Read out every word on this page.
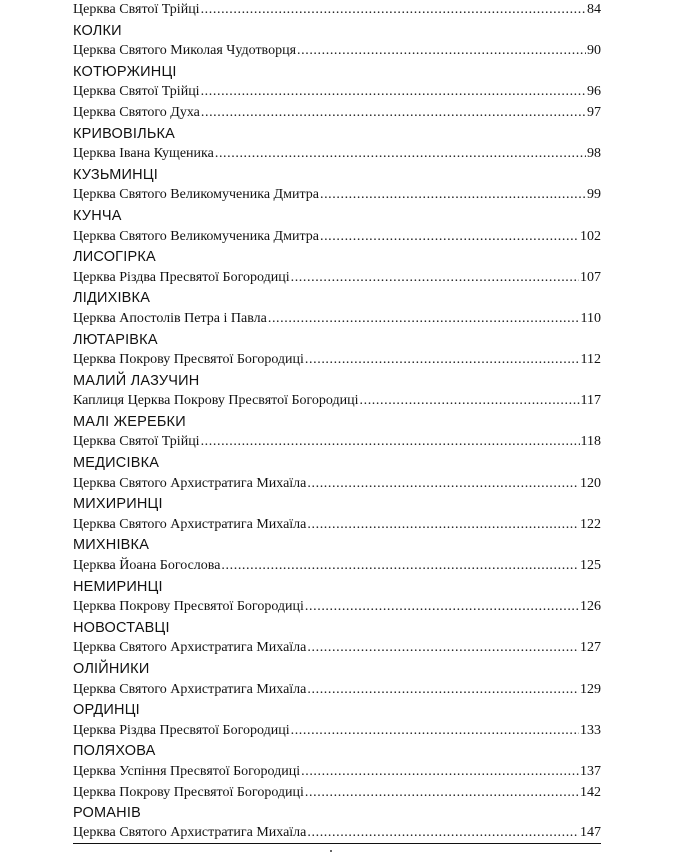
Церква Святої Трійці .....	84
КОЛКИ
Церква Святого Миколая Чудотворця .....	90
КОТЮРЖИНЦІ
Церква Святої Трійці .....	96
Церква Святого Духа .....	97
КРИВОВІЛЬКА
Церква Івана Кущеника .....	98
КУЗЬМИНЦІ
Церква Святого Великомученика Дмитра .....	99
КУНЧА
Церква Святого Великомученика Дмитра .....	102
ЛИСОГІРКА
Церква Різдва Пресвятої Богородиці .....	107
ЛІДИХІВКА
Церква Апостолів Петра і Павла .....	110
ЛЮТАРІВКА
Церква Покрову Пресвятої Богородиці .....	112
МАЛИЙ ЛАЗУЧИН
Каплиця Церква Покрову Пресвятої Богородиці .....	117
МАЛІ ЖЕРЕБКИ
Церква Святої Трійці .....	118
МЕДИСІВКА
Церква Святого Архистратига Михаїла .....	120
МИХИРИНЦІ
Церква Святого Архистратига Михаїла .....	122
МИХНІВКА
Церква Йоана Богослова .....	125
НЕМИРИНЦІ
Церква Покрову Пресвятої Богородиці .....	126
НОВОСТАВЦІ
Церква Святого Архистратига Михаїла .....	127
ОЛІЙНИКИ
Церква Святого Архистратига Михаїла .....	129
ОРДИНЦІ
Церква Різдва Пресвятої Богородиці .....	133
ПОЛЯХОВА
Церква Успіння Пресвятої Богородиці .....	137
Церква Покрову Пресвятої Богородиці .....	142
РОМАНІВ
Церква Святого Архистратига Михаїла .....	147
